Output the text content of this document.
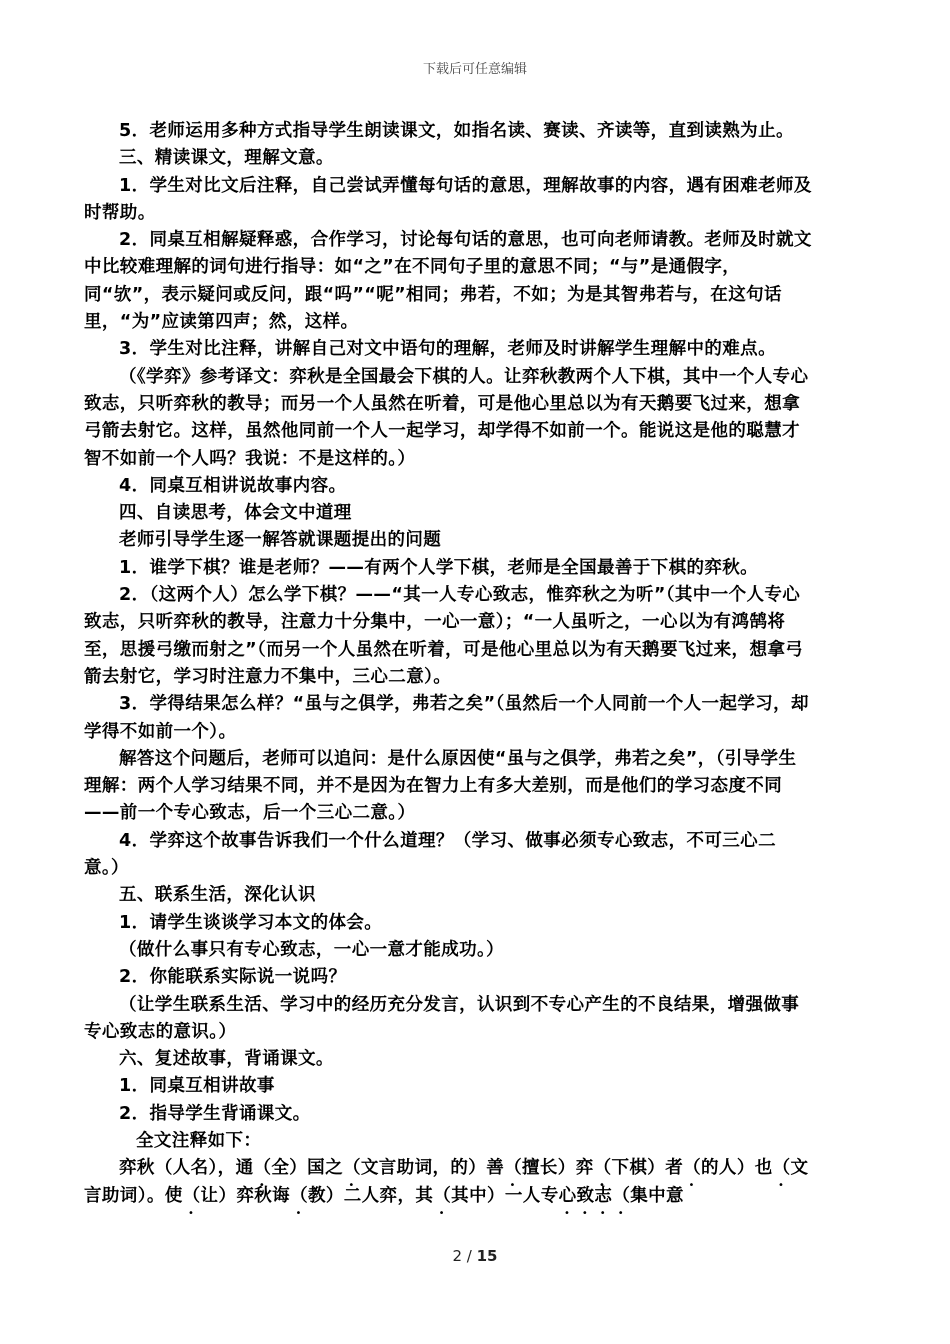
下载后可任意编辑

5．老师运用多种方式指导学生朗读课文，如指名读、赛读、齐读等，直到读熟为止。

三、精读课文，理解文意。

1．学生对比文后注释，自己尝试弄懂每句话的意思，理解故事的内容，遇有困难老师及时帮助。

2．同桌互相解疑释惑，合作学习，讨论每句话的意思，也可向老师请教。老师及时就文中比较难理解的词句进行指导：如“之”在不同句子里的意思不同；“与”是通假字，同“欤”，表示疑问或反问，跟“吗”“呢”相同；弗若，不如；为是其智弗若与，在这句话里，“为”应读第四声；然，这样。

3．学生对比注释，讲解自己对文中语句的理解，老师及时讲解学生理解中的难点。

（《学弈》参考译文：弈秋是全国最会下棋的人。让弈秋教两个人下棋，其中一个人专心致志，只听弈秋的教导；而另一个人虽然在听着，可是他心里总以为有天鹅要飞过来，想拿弓箭去射它。这样，虽然他同前一个人一起学习，却学得不如前一个。能说这是他的聪慧才智不如前一个人吗？我说：不是这样的。）

4．同桌互相讲说故事内容。

四、自读思考，体会文中道理

老师引导学生逐一解答就课题提出的问题

1．谁学下棋？谁是老师？——有两个人学下棋，老师是全国最善于下棋的弈秋。

2．（这两个人）怎么学下棋？——“其一人专心致志，惟弈秋之为听”（其中一个人专心致志，只听弈秋的教导，注意力十分集中，一心一意）；“一人虽听之，一心以为有鸿鹄将至，思援弓缴而射之”（而另一个人虽然在听着，可是他心里总以为有天鹅要飞过来，想拿弓箭去射它，学习时注意力不集中，三心二意）。

3．学得结果怎么样？“虽与之俱学，弗若之矣”（虽然后一个人同前一个人一起学习，却学得不如前一个）。

解答这个问题后，老师可以追问：是什么原因使“虽与之俱学，弗若之矣”，（引导学生理解：两个人学习结果不同，并不是因为在智力上有多大差别，而是他们的学习态度不同——前一个专心致志，后一个三心二意。）

4．学弈这个故事告诉我们一个什么道理？（学习、做事必须专心致志，不可三心二意。）

五、联系生活，深化认识

1．请学生谈谈学习本文的体会。

（做什么事只有专心致志，一心一意才能成功。）

2．你能联系实际说一说吗？

（让学生联系生活、学习中的经历充分发言，认识到不专心产生的不良结果，增强做事专心致志的意识。）

六、复述故事，背诵课文。

1．同桌互相讲故事

2．指导学生背诵课文。

全文注释如下：

弈秋（人名），通（全）国之（文言助词，的）善（擅长）弈（下棋）者（的人）也（文言助词）。使（让）弈秋诲（教）二人弈，其（其中）一人专心致志（集中意

2 / 15
